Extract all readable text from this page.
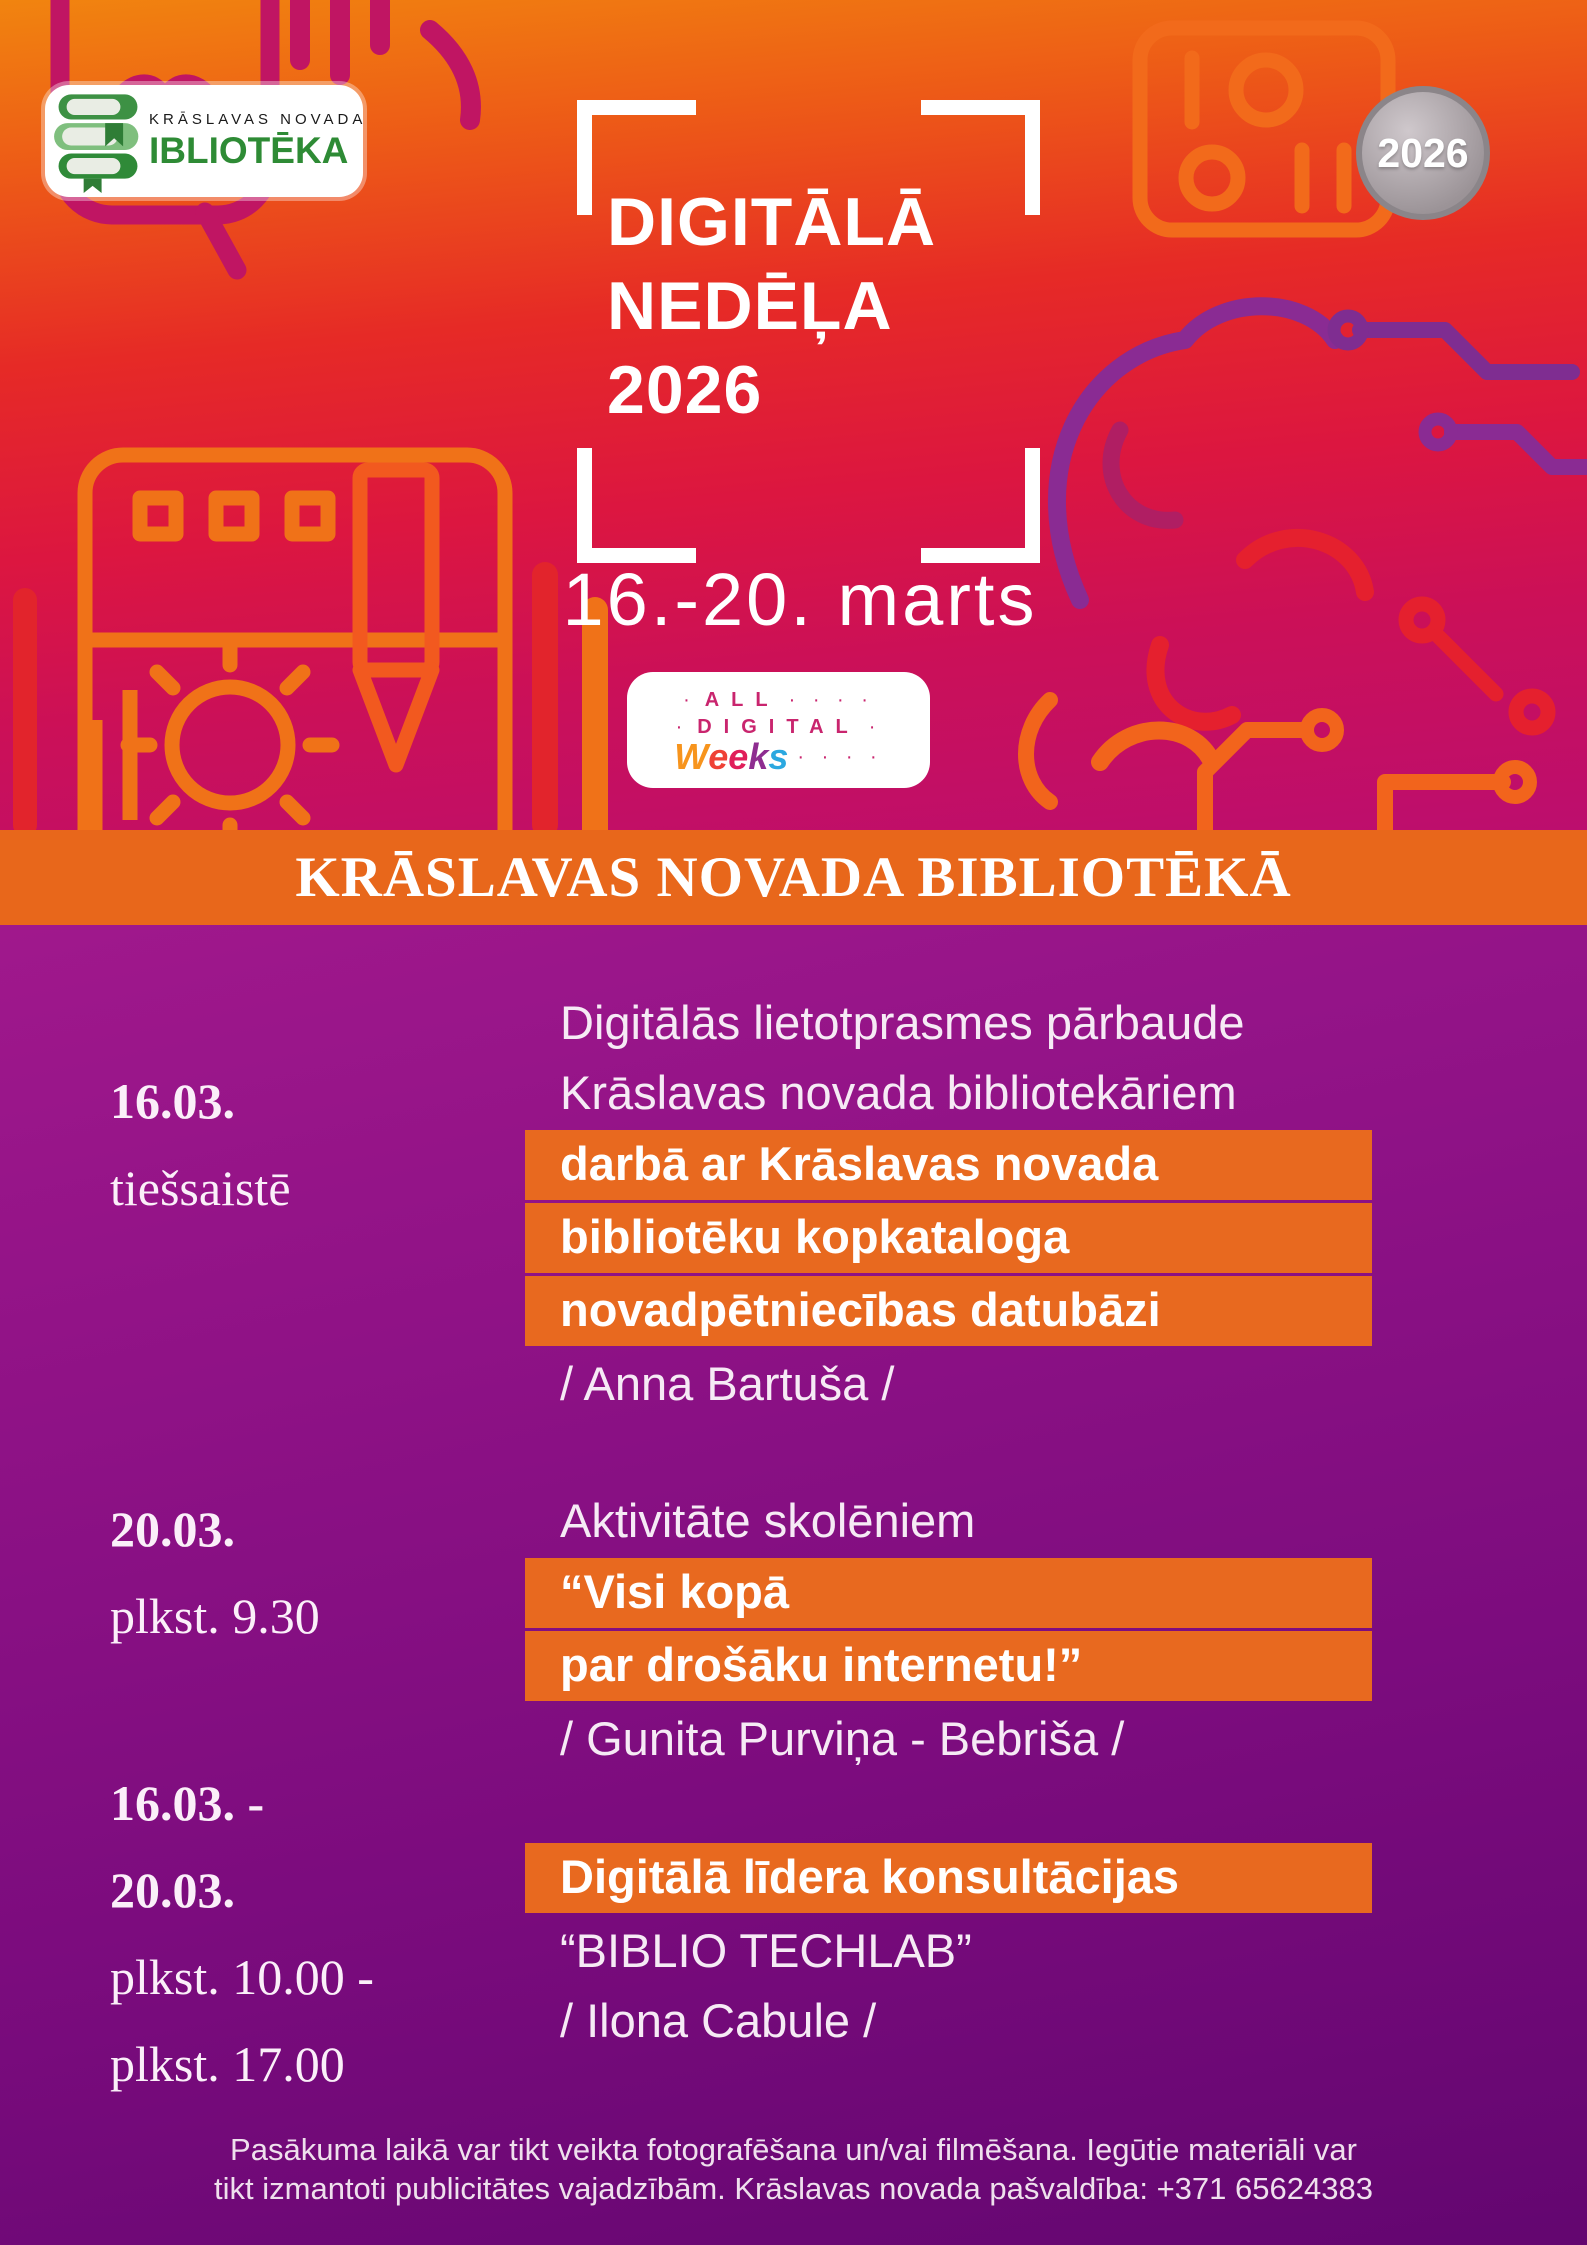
KRĀSLAVAS NOVADA
IBLIOTĒKA	2026
DIGITĀLĀ
NEDĒĻA
2026
16.-20. marts
· ALL · · · ·
· DIGITAL ·
W e e k s · · · ·
KRĀSLAVAS NOVADA BIBLIOTĒKĀ
Pasākuma laikā var tikt veikta fotografēšana un/vai filmēšana. Iegūtie materiāli var
tikt izmantoti publicitātes vajadzībām. Krāslavas novada pašvaldība: +371 65624383
16.03.
tiešsaistē
Digitālās lietotprasmes pārbaude
Krāslavas novada bibliotekāriem
darbā ar Krāslavas novada
bibliotēku kopkataloga
novadpētniecības datubāzi
/ Anna Bartuša /
20.03.
plkst. 9.30
Aktivitāte skolēniem
“Visi kopā
par drošāku internetu!”
/ Gunita Purviņa - Bebriša /
16.03. -
20.03.
plkst. 10.00 -
plkst. 17.00
Digitālā līdera konsultācijas
“BIBLIO TECHLAB”
/ Ilona Cabule /
